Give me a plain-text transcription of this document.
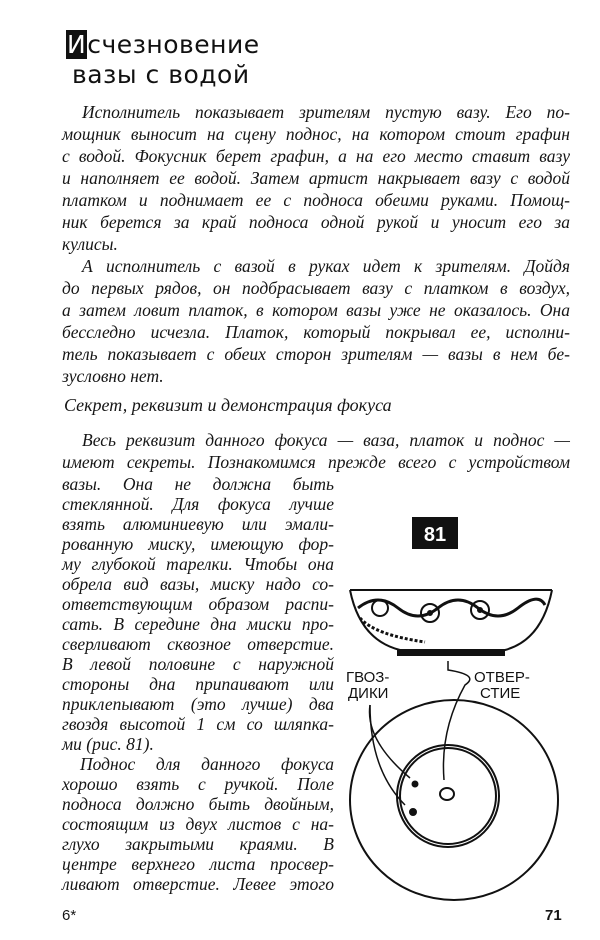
Исчезновение
вазы с водой
Исполнитель показывает зрителям пустую вазу. Его по-
мощник выносит на сцену поднос, на котором стоит графин
с водой. Фокусник берет графин, а на его место ставит вазу
и наполняет ее водой. Затем артист накрывает вазу с водой
платком и поднимает ее с подноса обеими руками. Помощ-
ник берется за край подноса одной рукой и уносит его за
кулисы.
А исполнитель с вазой в руках идет к зрителям. Дойдя
до первых рядов, он подбрасывает вазу с платком в воздух,
а затем ловит платок, в котором вазы уже не оказалось. Она
бесследно исчезла. Платок, который покрывал ее, исполни-
тель показывает с обеих сторон зрителям — вазы в нем бе-
зусловно нет.
Весь реквизит данного фокуса — ваза, платок и поднос —
имеют секреты. Познакомимся прежде всего с устройством
вазы. Она не должна быть
стеклянной. Для фокуса лучше
взять алюминиевую или эмали-
рованную миску, имеющую фор-
му глубокой тарелки. Чтобы она
обрела вид вазы, миску надо со-
ответствующим образом распи-
сать. В середине дна миски про-
сверливают сквозное отверстие.
В левой половине с наружной
стороны дна припаивают или
приклепывают (это лучше) два
гвоздя высотой 1 см со шляпка-
ми (рис. 81).
Поднос для данного фокуса
хорошо взять с ручкой. Поле
подноса должно быть двойным,
состоящим из двух листов с на-
глухо закрытыми краями. В
центре верхнего листа просвер-
ливают отверстие. Левее этого
Секрет, реквизит и демонстрация фокуса
81
ГВОЗ-
ДИКИ
ОТВЕР-
СТИЕ
6*	71
